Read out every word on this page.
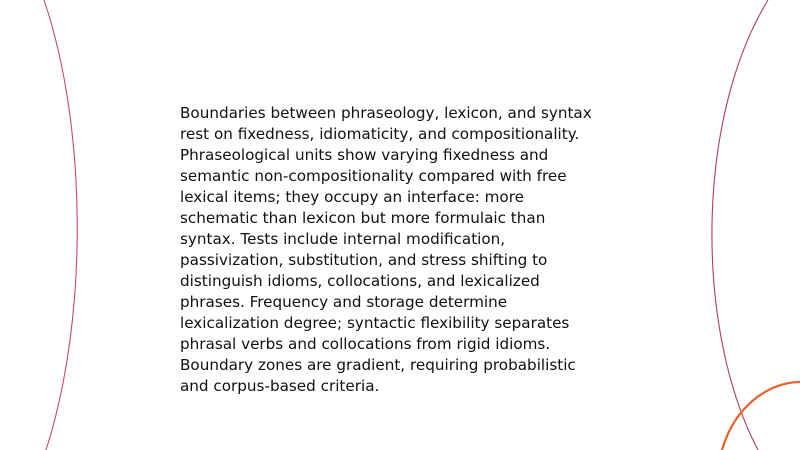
Boundaries between phraseology, lexicon, and syntax
rest on fixedness, idiomaticity, and compositionality.
Phraseological units show varying fixedness and
semantic non-compositionality compared with free
lexical items; they occupy an interface: more
schematic than lexicon but more formulaic than
syntax. Tests include internal modification,
passivization, substitution, and stress shifting to
distinguish idioms, collocations, and lexicalized
phrases. Frequency and storage determine
lexicalization degree; syntactic flexibility separates
phrasal verbs and collocations from rigid idioms.
Boundary zones are gradient, requiring probabilistic
and corpus-based criteria.
